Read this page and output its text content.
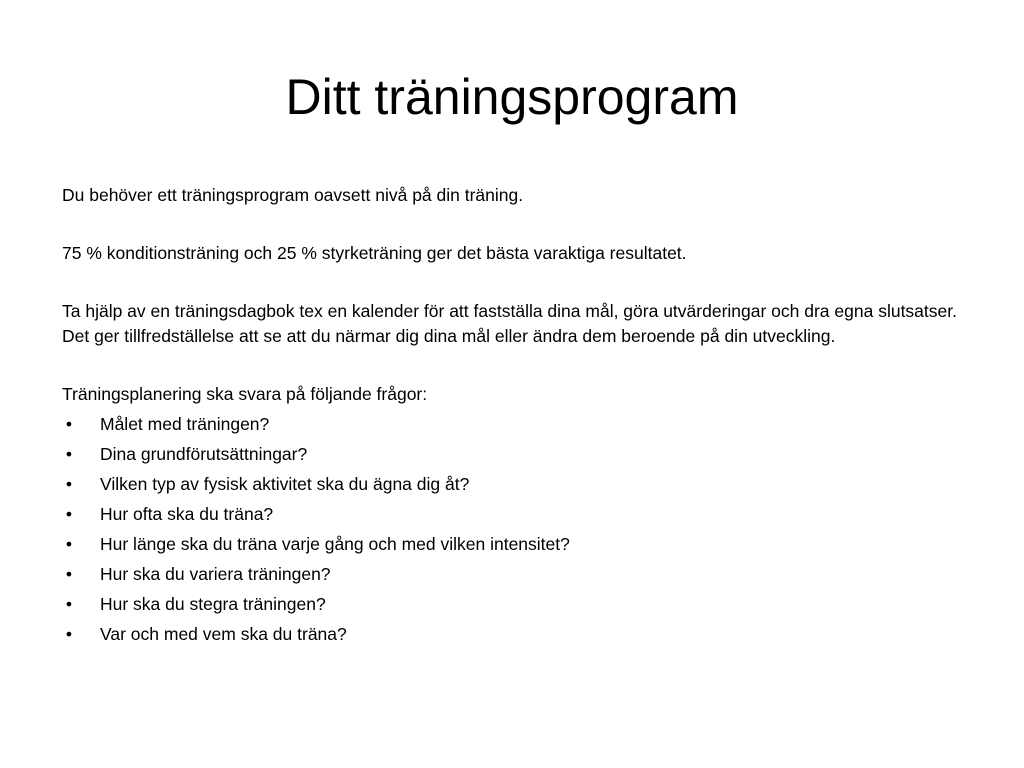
Ditt träningsprogram

Du behöver ett träningsprogram oavsett nivå på din träning.

75 % konditionsträning och 25 % styrketräning ger det bästa varaktiga resultatet.

Ta hjälp av en träningsdagbok tex en kalender för att fastställa dina mål, göra utvärderingar och dra egna slutsatser. Det ger tillfredställelse att se att du närmar dig dina mål eller ändra dem beroende på din utveckling.

Träningsplanering ska svara på följande frågor:

• Målet med träningen?
• Dina grundförutsättningar?
• Vilken typ av fysisk aktivitet ska du ägna dig åt?
• Hur ofta ska du träna?
• Hur länge ska du träna varje gång och med vilken intensitet?
• Hur ska du variera träningen?
• Hur ska du stegra träningen?
• Var och med vem ska du träna?
